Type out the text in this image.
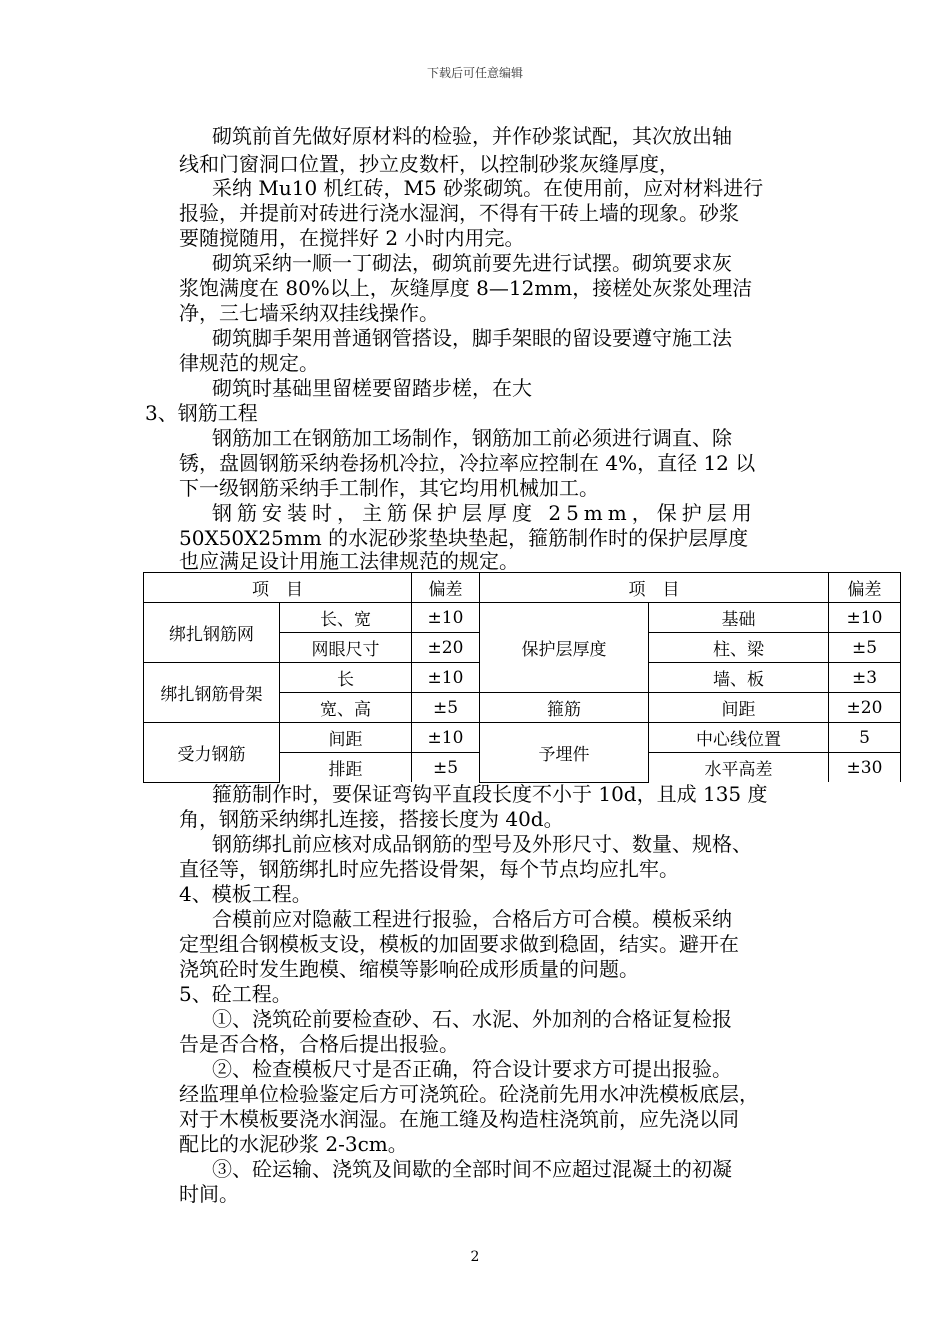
下载后可任意编辑
砌筑前首先做好原材料的检验，并作砂浆试配，其次放出轴
线和门窗洞口位置，抄立皮数杆，以控制砂浆灰缝厚度，
采纳 Mu10 机红砖，M5 砂浆砌筑。在使用前，应对材料进行
报验，并提前对砖进行浇水湿润，不得有干砖上墙的现象。砂浆
要随搅随用，在搅拌好 2 小时内用完。
砌筑采纳一顺一丁砌法，砌筑前要先进行试摆。砌筑要求灰
浆饱满度在 80%以上，灰缝厚度 8—12mm，接槎处灰浆处理洁
净，三七墙采纳双挂线操作。
砌筑脚手架用普通钢管搭设，脚手架眼的留设要遵守施工法
律规范的规定。
砌筑时基础里留槎要留踏步槎，在大
3、钢筋工程
钢筋加工在钢筋加工场制作，钢筋加工前必须进行调直、除
锈，盘圆钢筋采纳卷扬机冷拉，冷拉率应控制在 4%，直径 12 以
下一级钢筋采纳手工制作，其它均用机械加工。
钢筋安装时，主筋保护层厚度 25mm，保护层用
50X50X25mm 的水泥砂浆垫块垫起，箍筋制作时的保护层厚度
也应满足设计用施工法律规范的规定。
项　目		偏差	项　目		偏差
绑扎钢筋网	长、宽	±10	保护层厚度	基础	±10
	网眼尺寸	±20		柱、梁	±5
绑扎钢筋骨架	长	±10		墙、板	±3
	宽、高	±5	箍筋	间距	±20
受力钢筋	间距	±10	予埋件	中心线位置	5
	排距	±5		水平高差	±30
箍筋制作时，要保证弯钩平直段长度不小于 10d，且成 135 度
角，钢筋采纳绑扎连接，搭接长度为 40d。
钢筋绑扎前应核对成品钢筋的型号及外形尺寸、数量、规格、
直径等，钢筋绑扎时应先搭设骨架，每个节点均应扎牢。
4、模板工程。
合模前应对隐蔽工程进行报验，合格后方可合模。模板采纳
定型组合钢模板支设，模板的加固要求做到稳固，结实。避开在
浇筑砼时发生跑模、缩模等影响砼成形质量的问题。
5、砼工程。
①、浇筑砼前要检查砂、石、水泥、外加剂的合格证复检报
告是否合格，合格后提出报验。
②、检查模板尺寸是否正确，符合设计要求方可提出报验。
经监理单位检验鉴定后方可浇筑砼。砼浇前先用水冲洗模板底层，
对于木模板要浇水润湿。在施工缝及构造柱浇筑前，应先浇以同
配比的水泥砂浆 2-3cm。
③、砼运输、浇筑及间歇的全部时间不应超过混凝土的初凝
时间。
2
